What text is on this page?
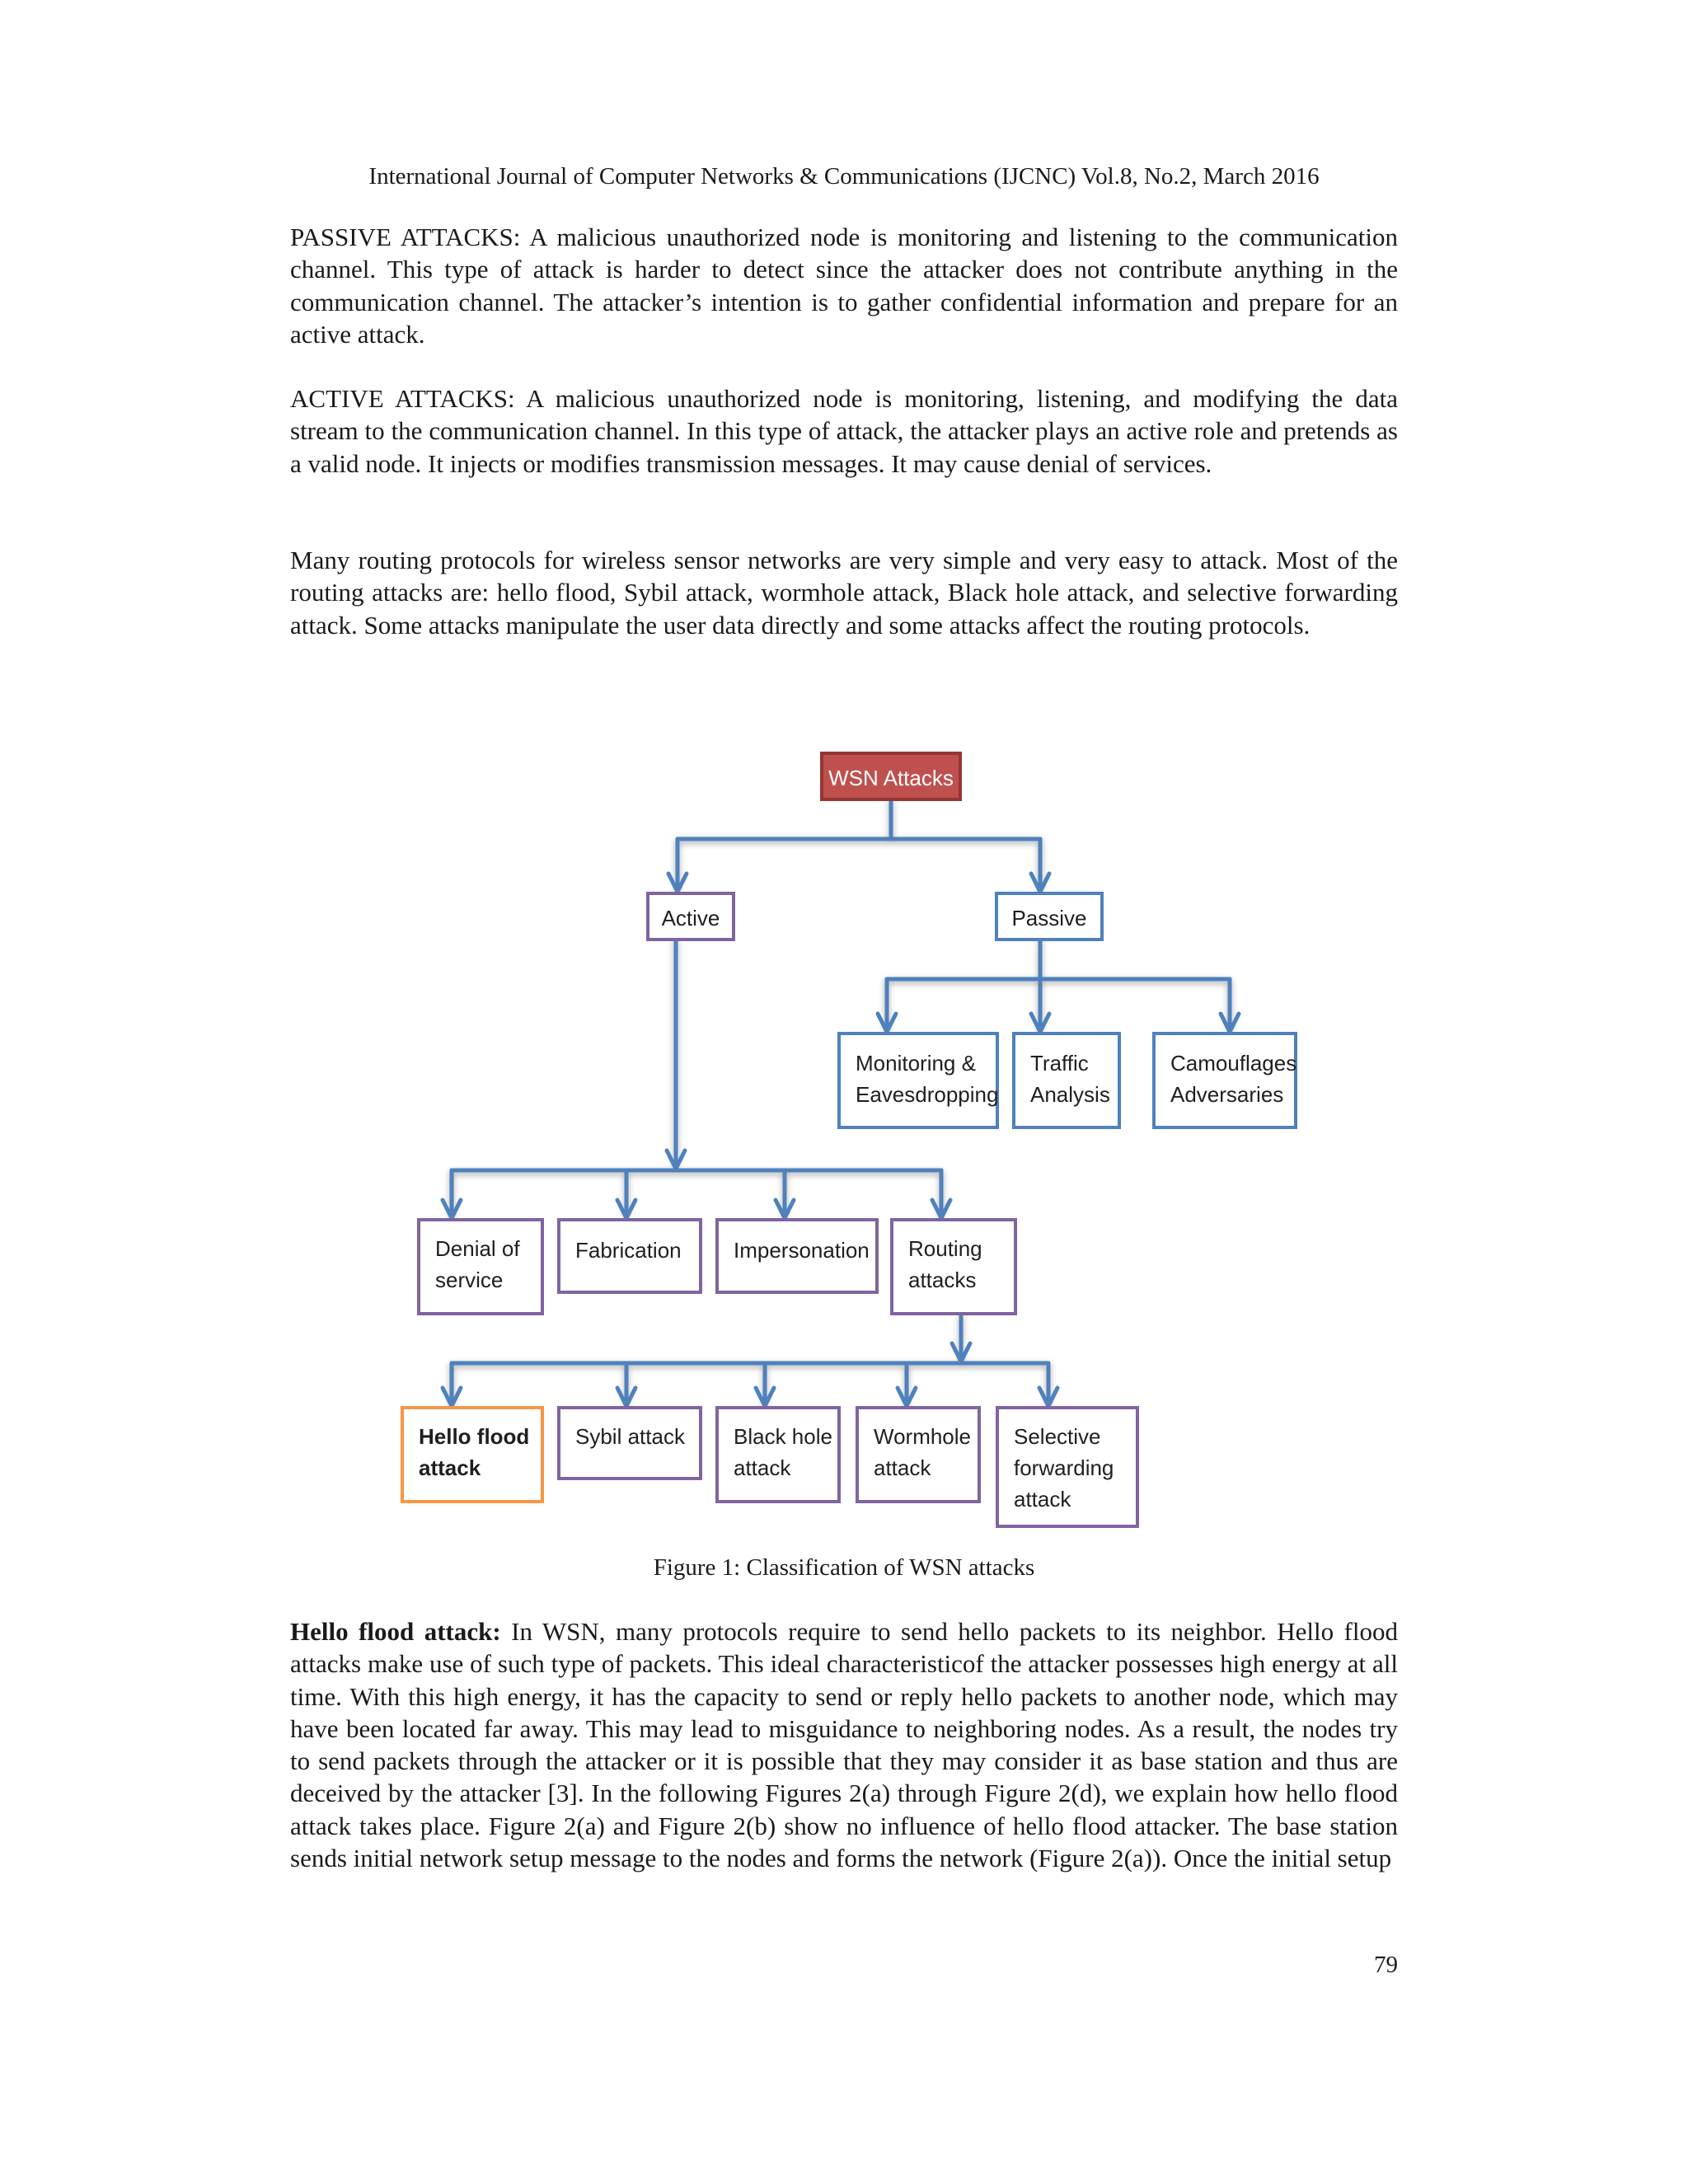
International Journal of Computer Networks & Communications (IJCNC) Vol.8, No.2, March 2016

PASSIVE ATTACKS: A malicious unauthorized node is monitoring and listening to the communication channel. This type of attack is harder to detect since the attacker does not contribute anything in the communication channel. The attacker’s intention is to gather confidential information and prepare for an active attack.

ACTIVE ATTACKS: A malicious unauthorized node is monitoring, listening, and modifying the data stream to the communication channel. In this type of attack, the attacker plays an active role and pretends as a valid node. It injects or modifies transmission messages. It may cause denial of services.

Many routing protocols for wireless sensor networks are very simple and very easy to attack. Most of the routing attacks are: hello flood, Sybil attack, wormhole attack, Black hole attack, and selective forwarding attack. Some attacks manipulate the user data directly and some attacks affect the routing protocols.

WSN Attacks
Active	Passive
Monitoring &
Eavesdropping
Traffic
Analysis
Camouflages
Adversaries
Denial of
service
Fabrication Impersonation Routing
attacks
Hello flood
attack
Sybil attack Black hole
attack
Wormhole
attack
Selective
forwarding
attack
Figure 1: Classification of WSN attacks

Hello flood attack: In WSN, many protocols require to send hello packets to its neighbor. Hello flood attacks make use of such type of packets. This ideal characteristicof the attacker possesses high energy at all time. With this high energy, it has the capacity to send or reply hello packets to another node, which may have been located far away. This may lead to misguidance to neighboring nodes. As a result, the nodes try to send packets through the attacker or it is possible that they may consider it as base station and thus are deceived by the attacker [3]. In the following Figures 2(a) through Figure 2(d), we explain how hello flood attack takes place. Figure 2(a) and Figure 2(b) show no influence of hello flood attacker. The base station sends initial network setup message to the nodes and forms the network (Figure 2(a)). Once the initial setup

79
